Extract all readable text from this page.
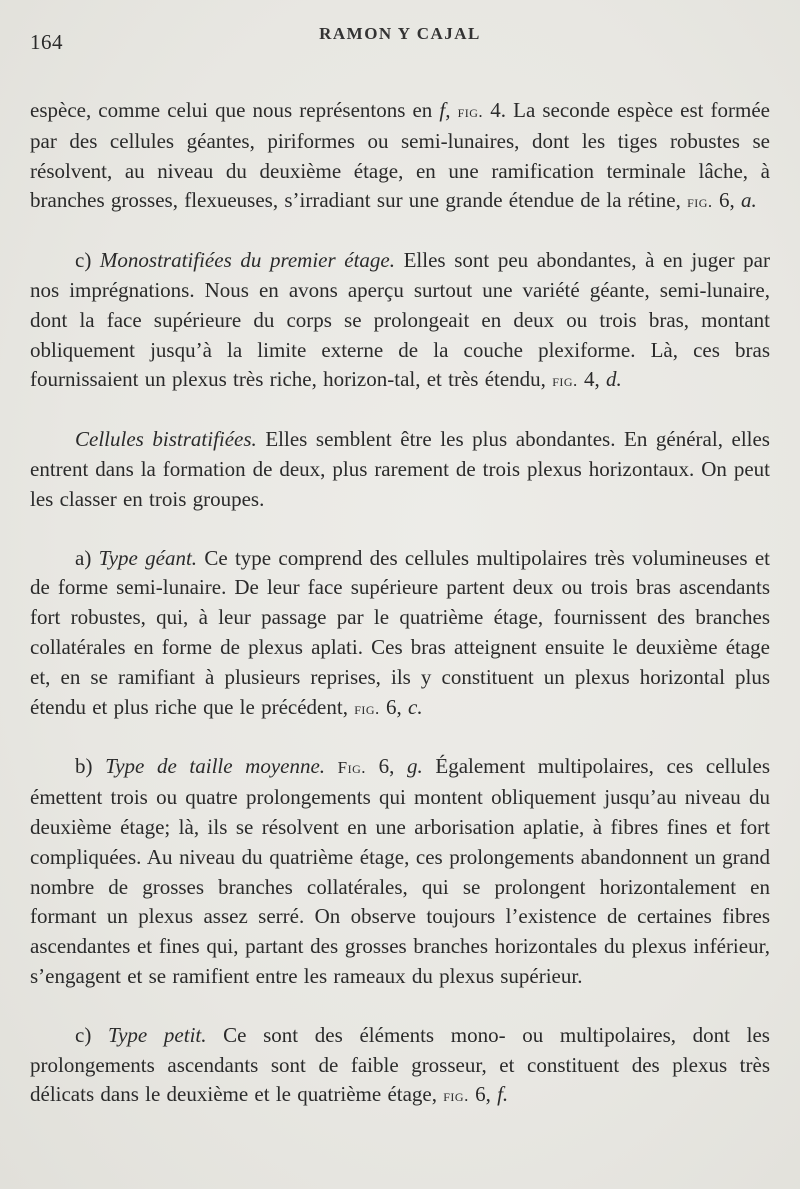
164	RAMON Y CAJAL

espèce, comme celui que nous représentons en f, fig. 4. La seconde espèce est formée par des cellules géantes, piriformes ou semi-lunaires, dont les tiges robustes se résolvent, au niveau du deuxième étage, en une ramification terminale lâche, à branches grosses, flexueuses, s’irradiant sur une grande étendue de la rétine, fig. 6, a.

c) Monostratifiées du premier étage. Elles sont peu abondantes, à en juger par nos imprégnations. Nous en avons aperçu surtout une variété géante, semi-lunaire, dont la face supérieure du corps se prolongeait en deux ou trois bras, montant obliquement jusqu’à la limite externe de la couche plexiforme. Là, ces bras fournissaient un plexus très riche, horizon-tal, et très étendu, fig. 4, d.

Cellules bistratifiées. Elles semblent être les plus abondantes. En général, elles entrent dans la formation de deux, plus rarement de trois plexus horizontaux. On peut les classer en trois groupes.

a) Type géant. Ce type comprend des cellules multipolaires très volumineuses et de forme semi-lunaire. De leur face supérieure partent deux ou trois bras ascendants fort robustes, qui, à leur passage par le quatrième étage, fournissent des branches collatérales en forme de plexus aplati. Ces bras atteignent ensuite le deuxième étage et, en se ramifiant à plusieurs reprises, ils y constituent un plexus horizontal plus étendu et plus riche que le précédent, fig. 6, c.

b) Type de taille moyenne. Fig. 6, g. Également multipolaires, ces cellules émettent trois ou quatre prolongements qui montent obliquement jusqu’au niveau du deuxième étage; là, ils se résolvent en une arborisation aplatie, à fibres fines et fort compliquées. Au niveau du quatrième étage, ces prolongements abandonnent un grand nombre de grosses branches collatérales, qui se prolongent horizontalement en formant un plexus assez serré. On observe toujours l’existence de certaines fibres ascendantes et fines qui, partant des grosses branches horizontales du plexus inférieur, s’engagent et se ramifient entre les rameaux du plexus supérieur.

c) Type petit. Ce sont des éléments mono- ou multipolaires, dont les prolongements ascendants sont de faible grosseur, et constituent des plexus très délicats dans le deuxième et le quatrième étage, fig. 6, f.
